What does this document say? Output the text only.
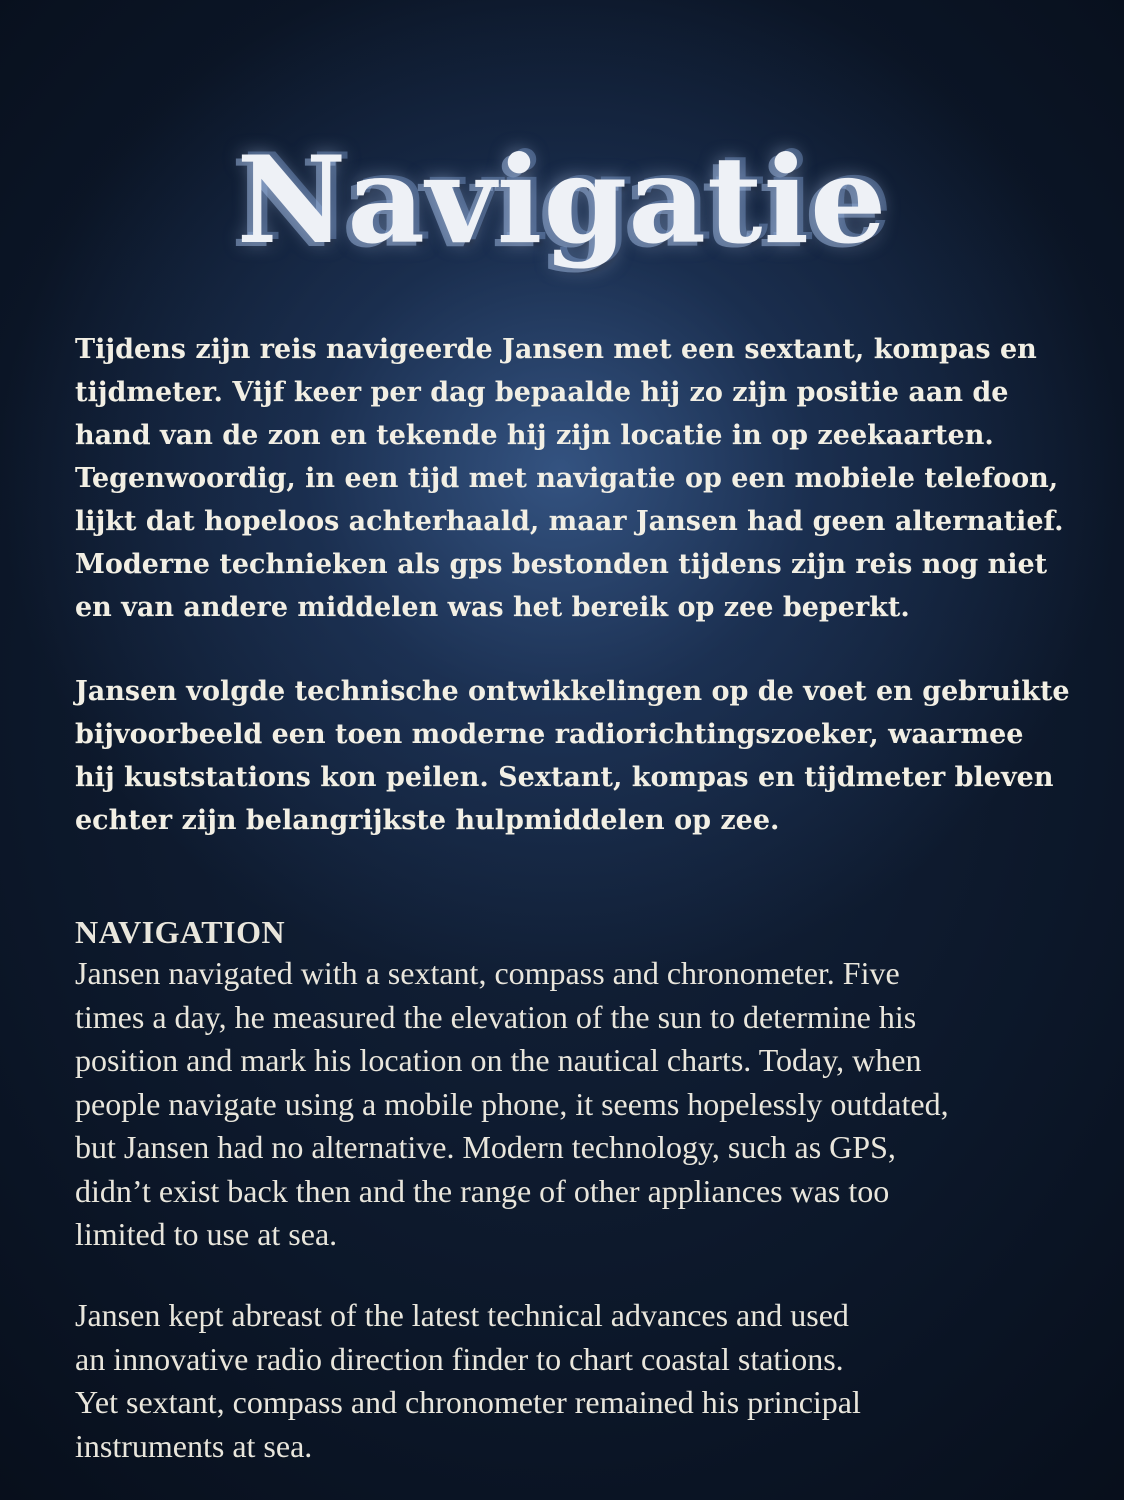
Navigatie

Tijdens zijn reis navigeerde Jansen met een sextant, kompas en
tijdmeter. Vijf keer per dag bepaalde hij zo zijn positie aan de
hand van de zon en tekende hij zijn locatie in op zeekaarten.
Tegenwoordig, in een tijd met navigatie op een mobiele telefoon,
lijkt dat hopeloos achterhaald, maar Jansen had geen alternatief.
Moderne technieken als gps bestonden tijdens zijn reis nog niet
en van andere middelen was het bereik op zee beperkt.

Jansen volgde technische ontwikkelingen op de voet en gebruikte
bijvoorbeeld een toen moderne radiorichtingszoeker, waarmee
hij kuststations kon peilen. Sextant, kompas en tijdmeter bleven
echter zijn belangrijkste hulpmiddelen op zee.

NAVIGATION

Jansen navigated with a sextant, compass and chronometer. Five
times a day, he measured the elevation of the sun to determine his
position and mark his location on the nautical charts. Today, when
people navigate using a mobile phone, it seems hopelessly outdated,
but Jansen had no alternative. Modern technology, such as GPS,
didn’t exist back then and the range of other appliances was too
limited to use at sea.

Jansen kept abreast of the latest technical advances and used
an innovative radio direction finder to chart coastal stations.
Yet sextant, compass and chronometer remained his principal
instruments at sea.
